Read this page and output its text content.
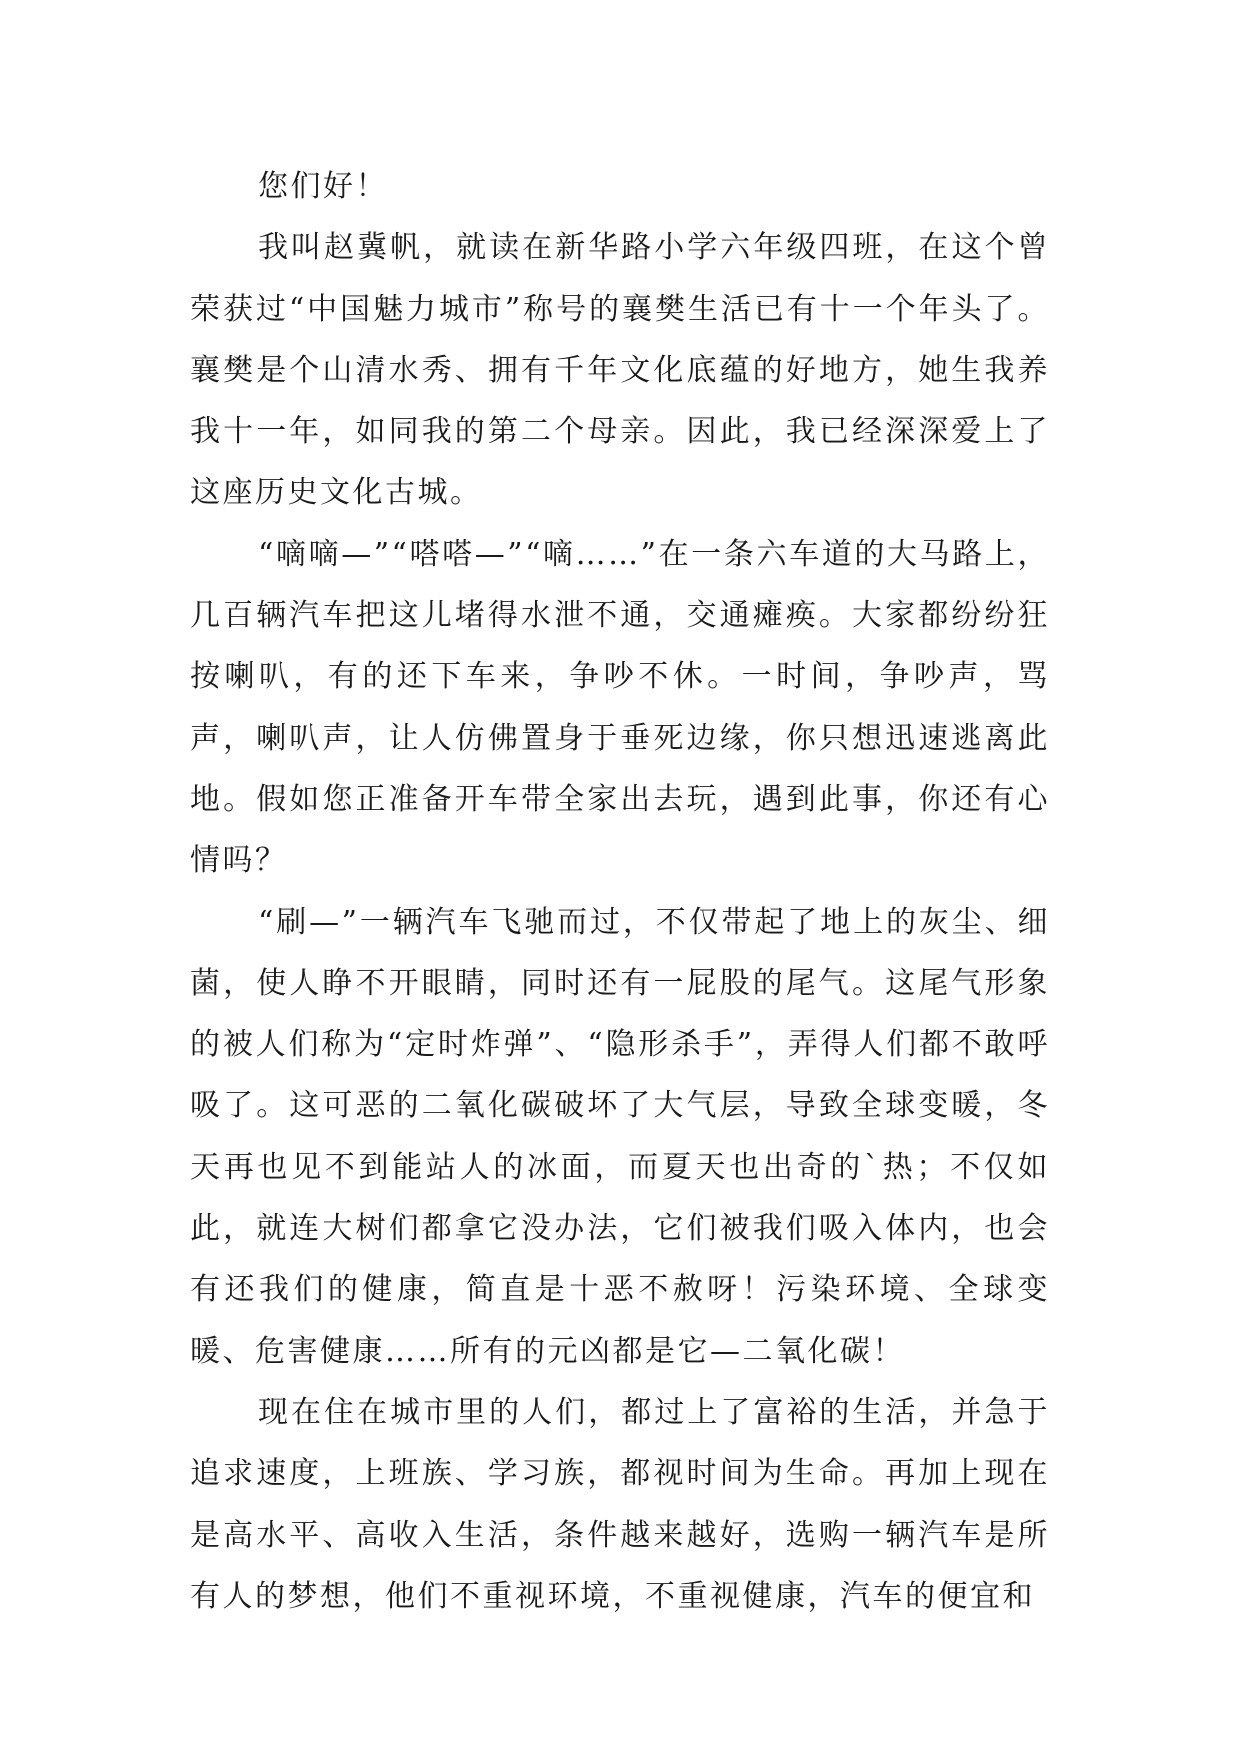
您们好！

我叫赵冀帆，就读在新华路小学六年级四班，在这个曾荣获过“中国魅力城市”称号的襄樊生活已有十一个年头了。襄樊是个山清水秀、拥有千年文化底蕴的好地方，她生我养我十一年，如同我的第二个母亲。因此，我已经深深爱上了这座历史文化古城。

“嘀嘀—”“嗒嗒—”“嘀……”在一条六车道的大马路上，几百辆汽车把这儿堵得水泄不通，交通瘫痪。大家都纷纷狂按喇叭，有的还下车来，争吵不休。一时间，争吵声，骂声，喇叭声，让人仿佛置身于垂死边缘，你只想迅速逃离此地。假如您正准备开车带全家出去玩，遇到此事，你还有心情吗？

“刷—”一辆汽车飞驰而过，不仅带起了地上的灰尘、细菌，使人睁不开眼睛，同时还有一屁股的尾气。这尾气形象的被人们称为“定时炸弹”、“隐形杀手”，弄得人们都不敢呼吸了。这可恶的二氧化碳破坏了大气层，导致全球变暖，冬天再也见不到能站人的冰面，而夏天也出奇的`热；不仅如此，就连大树们都拿它没办法，它们被我们吸入体内，也会有还我们的健康，简直是十恶不赦呀！污染环境、全球变暖、危害健康……所有的元凶都是它—二氧化碳！

现在住在城市里的人们，都过上了富裕的生活，并急于追求速度，上班族、学习族，都视时间为生命。再加上现在是高水平、高收入生活，条件越来越好，选购一辆汽车是所有人的梦想，他们不重视环境，不重视健康，汽车的便宜和
